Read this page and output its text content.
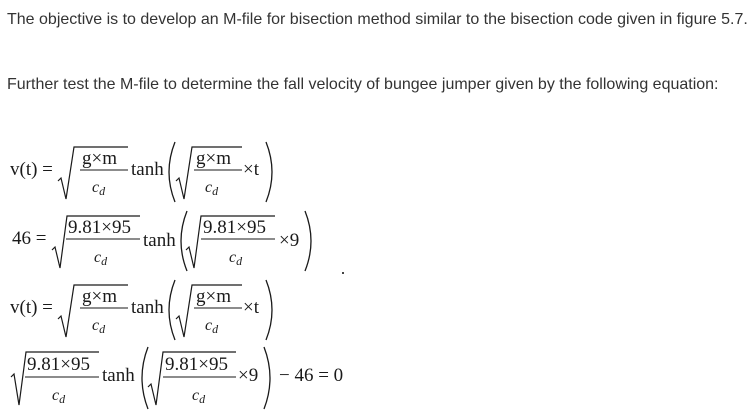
The objective is to develop an M-file for bisection method similar to the bisection code given in figure 5.7.

Further test the M-file to determine the fall velocity of bungee jumper given by the following equation:

v(t) =
g×m
cd
tanh
g×m
cd
×t
46 =
9.81×95
cd
tanh
9.81×95
cd
×9
v(t) =
g×m
cd
tanh
g×m
cd
×t
9.81×95
cd
tanh
9.81×95
cd
×9 − 46 = 0
